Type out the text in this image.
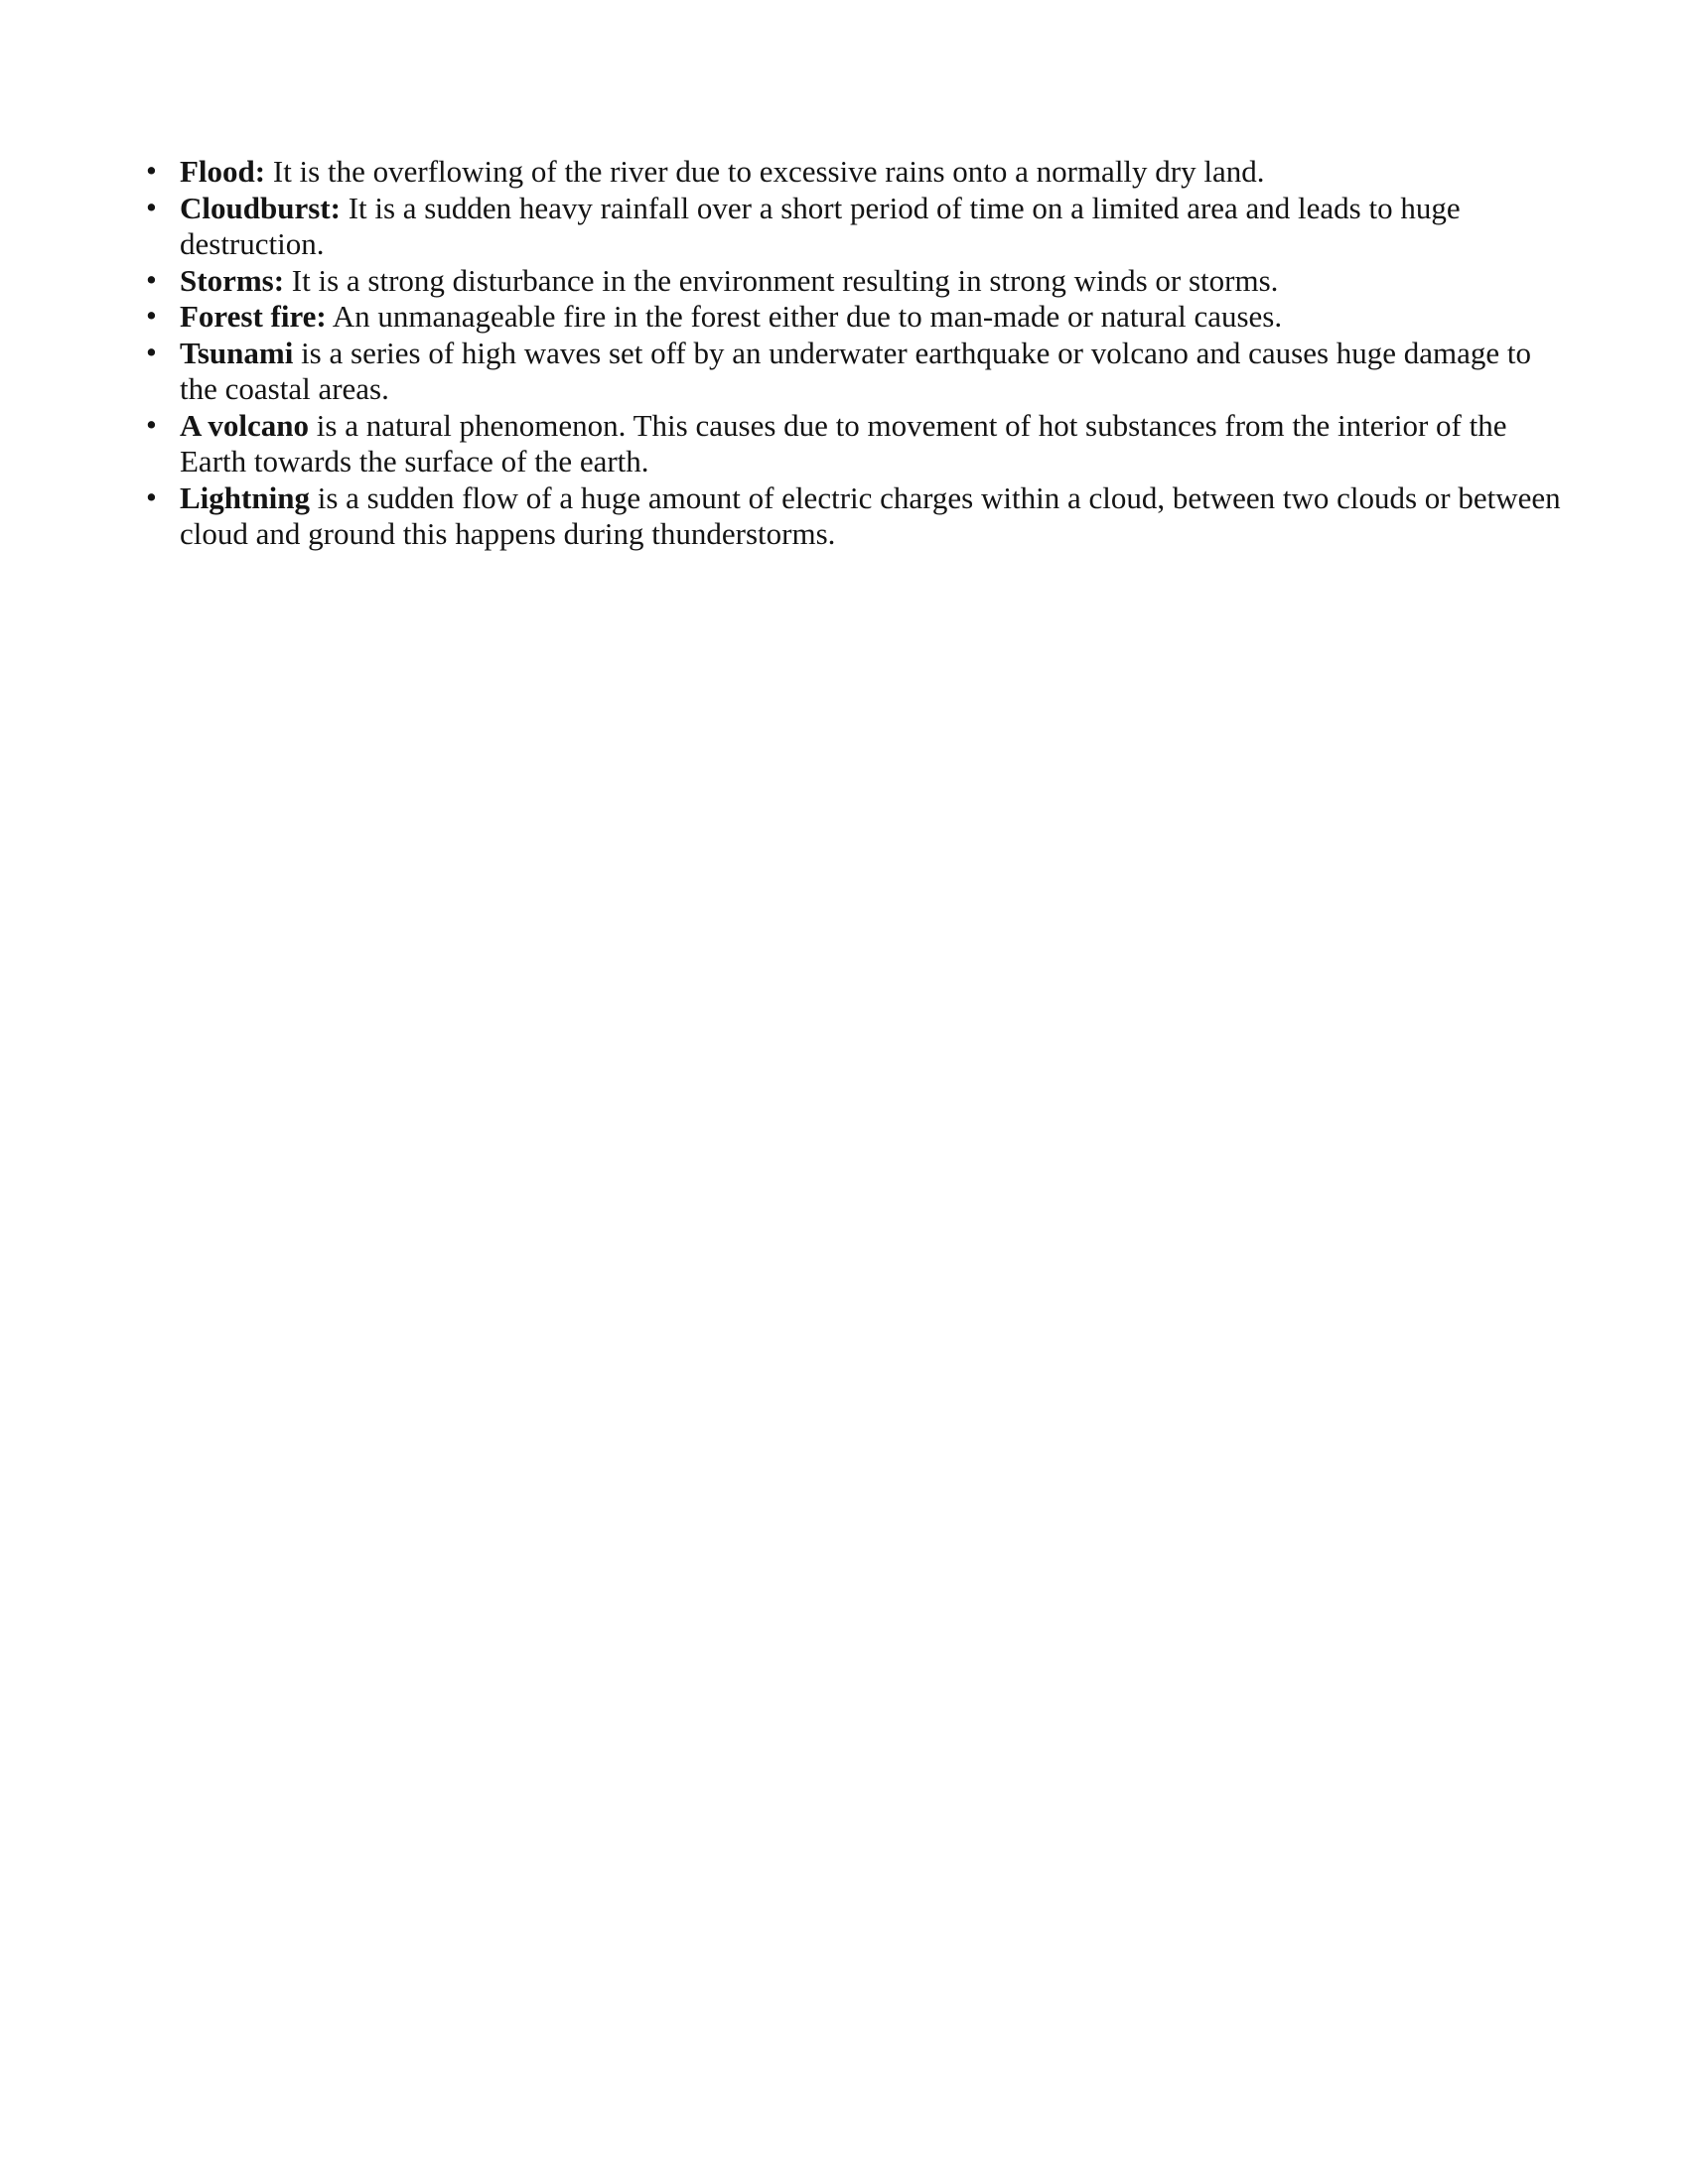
• Flood: It is the overflowing of the river due to excessive rains onto a normally dry land.
• Cloudburst: It is a sudden heavy rainfall over a short period of time on a limited area and leads to huge destruction.
• Storms: It is a strong disturbance in the environment resulting in strong winds or storms.
• Forest fire: An unmanageable fire in the forest either due to man-made or natural causes.
• Tsunami is a series of high waves set off by an underwater earthquake or volcano and causes huge damage to the coastal areas.
• A volcano is a natural phenomenon. This causes due to movement of hot substances from the interior of the Earth towards the surface of the earth.
• Lightning is a sudden flow of a huge amount of electric charges within a cloud, between two clouds or between cloud and ground this happens during thunderstorms.
